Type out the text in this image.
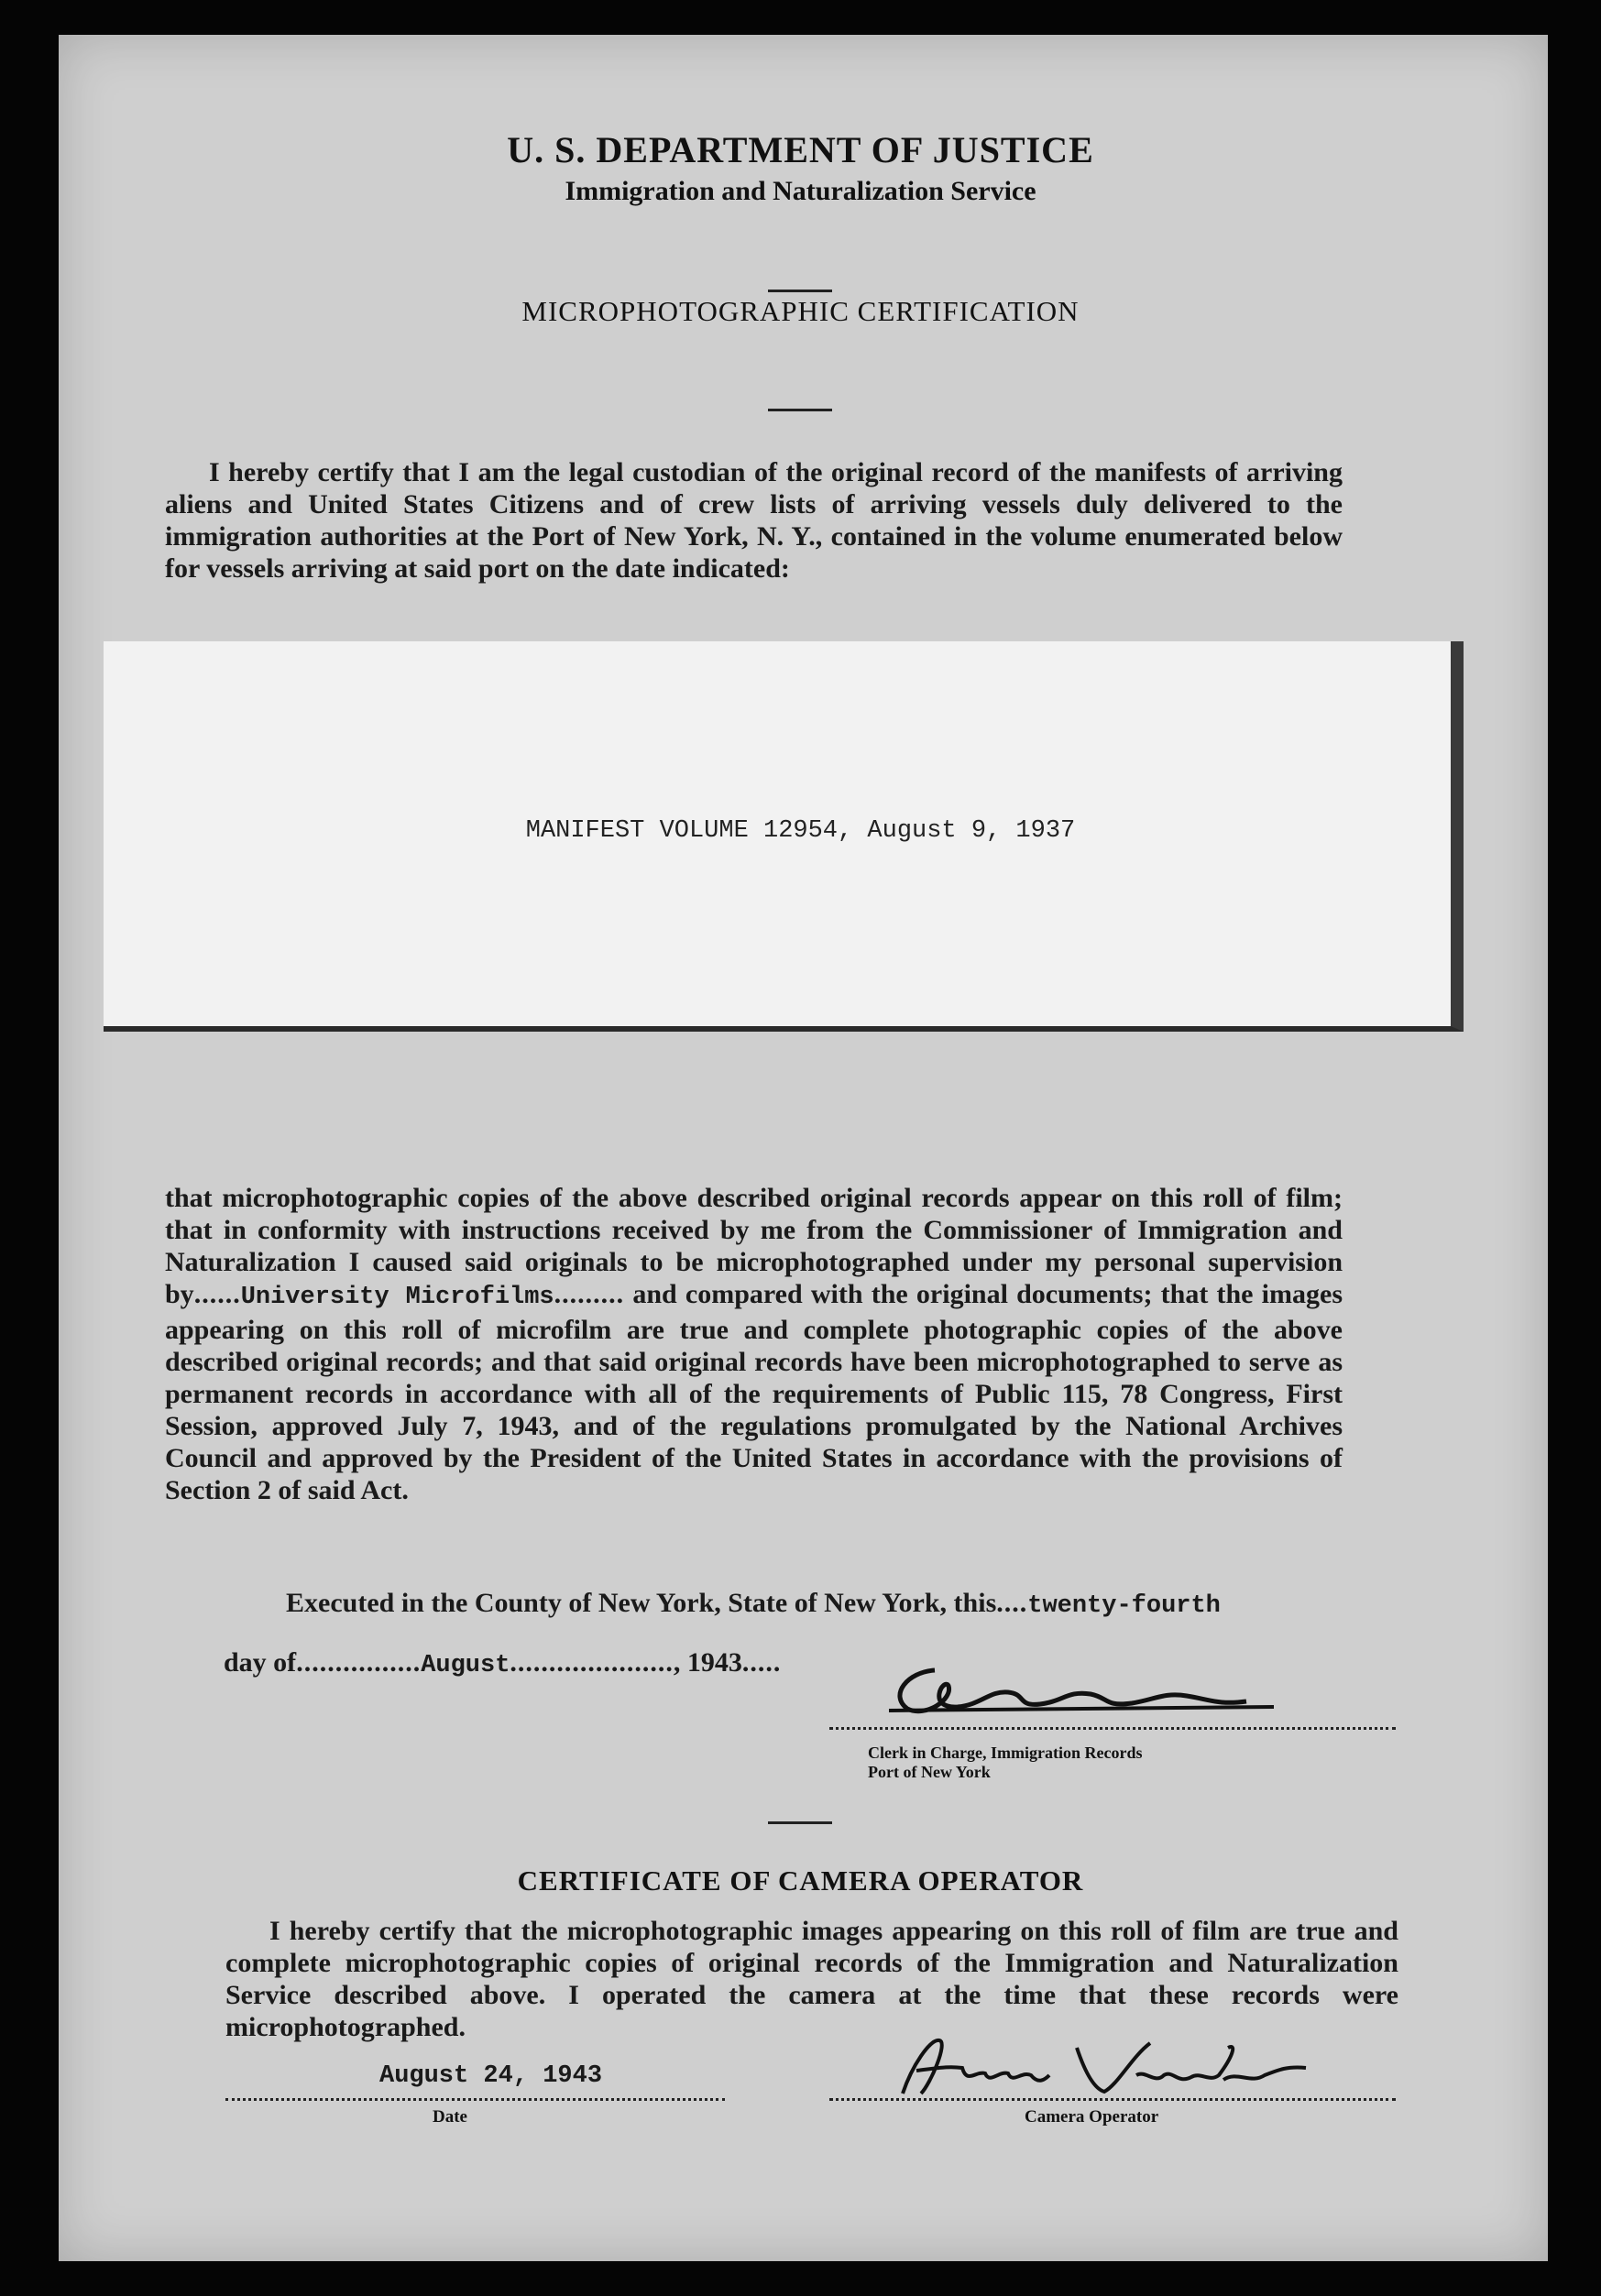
U. S. DEPARTMENT OF JUSTICE
Immigration and Naturalization Service
MICROPHOTOGRAPHIC CERTIFICATION
I hereby certify that I am the legal custodian of the original record of the manifests of arriving aliens and United States Citizens and of crew lists of arriving vessels duly delivered to the immigration authorities at the Port of New York, N. Y., contained in the volume enumerated below for vessels arriving at said port on the date indicated:
MANIFEST VOLUME 12954, August 9, 1937
that microphotographic copies of the above described original records appear on this roll of film; that in conformity with instructions received by me from the Commissioner of Immigration and Naturalization I caused said originals to be microphotographed under my personal supervision by......University Microfilms......... and compared with the original documents; that the images appearing on this roll of microfilm are true and complete photographic copies of the above described original records; and that said original records have been microphotographed to serve as permanent records in accordance with all of the requirements of Public 115, 78 Congress, First Session, approved July 7, 1943, and of the regulations promulgated by the National Archives Council and approved by the President of the United States in accordance with the provisions of Section 2 of said Act.
Executed in the County of New York, State of New York, this....twenty-fourth
day of................August....................., 1943.....
Clerk in Charge, Immigration Records
Port of New York
CERTIFICATE OF CAMERA OPERATOR
I hereby certify that the microphotographic images appearing on this roll of film are true and complete microphotographic copies of original records of the Immigration and Naturalization Service described above. I operated the camera at the time that these records were microphotographed.
August 24, 1943
Date	Camera Operator
